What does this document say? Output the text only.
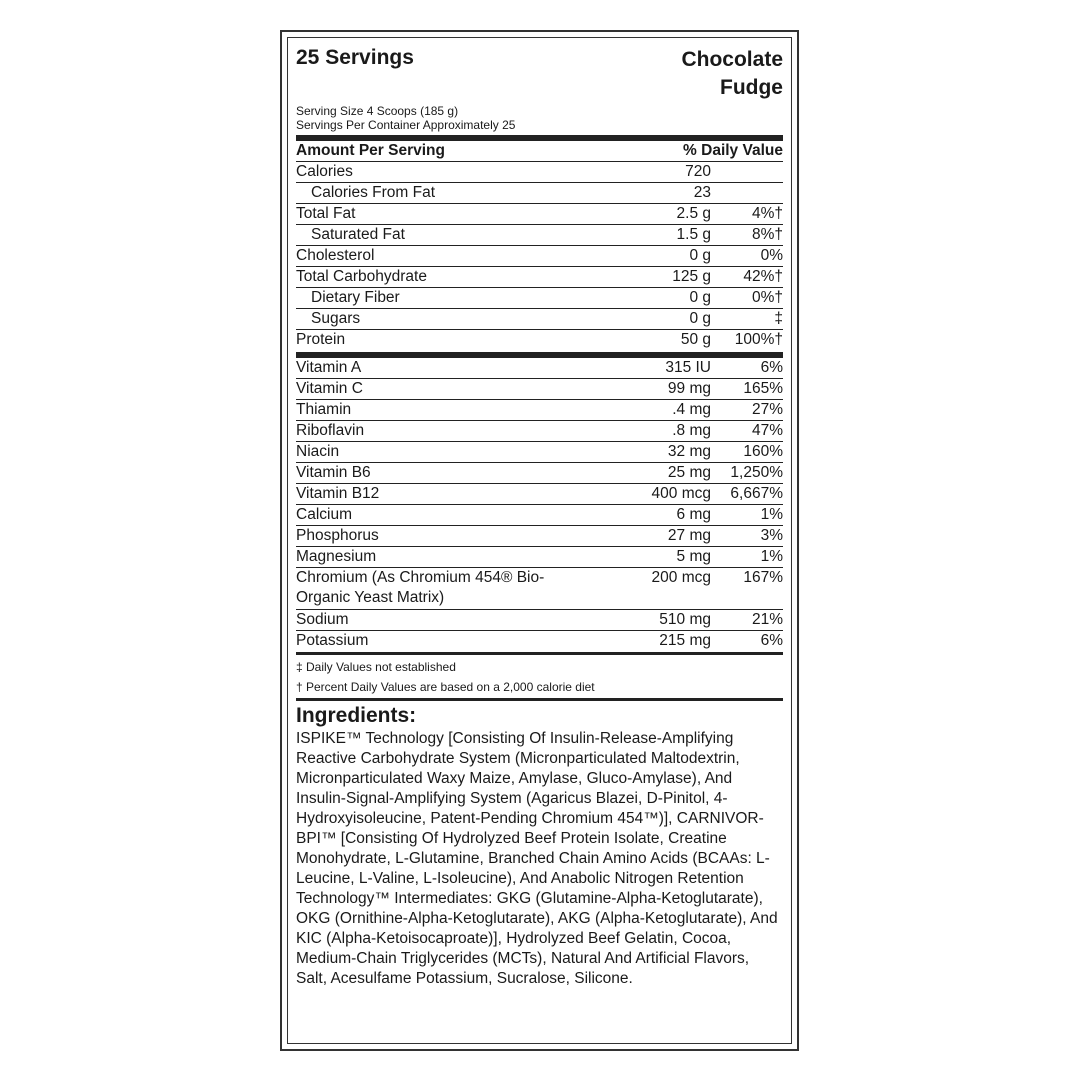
25 Servings	Chocolate Fudge
Serving Size 4 Scoops (185 g)
Servings Per Container Approximately 25
Amount Per Serving	% Daily Value
Calories	720
Calories From Fat	23
Total Fat	2.5 g	4%†
Saturated Fat	1.5 g	8%†
Cholesterol	0 g	0%
Total Carbohydrate	125 g	42%†
Dietary Fiber	0 g	0%†
Sugars	0 g	‡
Protein	50 g	100%†
Vitamin A	315 IU	6%
Vitamin C	99 mg	165%
Thiamin	.4 mg	27%
Riboflavin	.8 mg	47%
Niacin	32 mg	160%
Vitamin B6	25 mg	1,250%
Vitamin B12	400 mcg	6,667%
Calcium	6 mg	1%
Phosphorus	27 mg	3%
Magnesium	5 mg	1%
Chromium (As Chromium 454® Bio-Organic Yeast Matrix)
200 mcg	167%
Sodium	510 mg	21%
Potassium	215 mg	6%
‡ Daily Values not established
† Percent Daily Values are based on a 2,000 calorie diet
Ingredients:
ISPIKE™ Technology [Consisting Of Insulin-Release-Amplifying Reactive Carbohydrate System (Micronparticulated Maltodextrin, Micronparticulated Waxy Maize, Amylase, Gluco-Amylase), And Insulin-Signal-Amplifying System (Agaricus Blazei, D-Pinitol, 4-Hydroxyisoleucine, Patent-Pending Chromium 454™)], CARNIVOR-BPI™ [Consisting Of Hydrolyzed Beef Protein Isolate, Creatine Monohydrate, L-Glutamine, Branched Chain Amino Acids (BCAAs: L-Leucine, L-Valine, L-Isoleucine), And Anabolic Nitrogen Retention Technology™ Intermediates: GKG (Glutamine-Alpha-Ketoglutarate), OKG (Ornithine-Alpha-Ketoglutarate), AKG (Alpha-Ketoglutarate), And KIC (Alpha-Ketoisocaproate)], Hydrolyzed Beef Gelatin, Cocoa, Medium-Chain Triglycerides (MCTs), Natural And Artificial Flavors, Salt, Acesulfame Potassium, Sucralose, Silicone.
